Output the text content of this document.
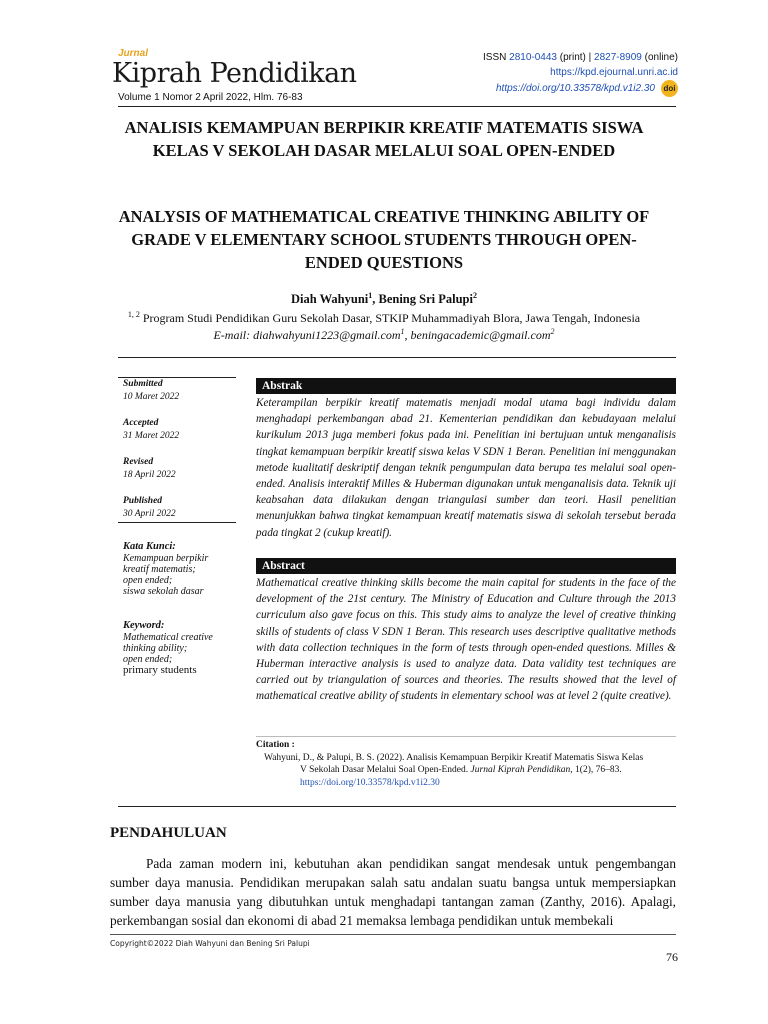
Jurnal
Kiprah Pendidikan
Volume 1 Nomor 2 April 2022, Hlm. 76-83
ISSN 2810-0443 (print) | 2827-8909 (online)
https://kpd.ejournal.unri.ac.id
https://doi.org/10.33578/kpd.v1i2.30	doi
ANALISIS KEMAMPUAN BERPIKIR KREATIF MATEMATIS SISWA KELAS V SEKOLAH DASAR MELALUI SOAL OPEN-ENDED
ANALYSIS OF MATHEMATICAL CREATIVE THINKING ABILITY OF GRADE V ELEMENTARY SCHOOL STUDENTS THROUGH OPEN-ENDED QUESTIONS
Diah Wahyuni$^1$, Bening Sri Palupi$^2$
$^{1, 2}$ Program Studi Pendidikan Guru Sekolah Dasar, STKIP Muhammadiyah Blora, Jawa Tengah, Indonesia
E-mail: diahwahyuni1223@gmail.com$^1$, beningacademic@gmail.com$^2$
Submitted
10 Maret 2022
Accepted
31 Maret 2022
Revised
18 April 2022
Published
30 April 2022
Kata Kunci:
Kemampuan berpikir
kreatif matematis;
open ended;
siswa sekolah dasar
Keyword:
Mathematical creative
thinking ability;
open ended;
primary students
Abstrak
Keterampilan berpikir kreatif matematis menjadi modal utama bagi individu dalam menghadapi perkembangan abad 21. Kementerian pendidikan dan kebudayaan melalui kurikulum 2013 juga memberi fokus pada ini. Penelitian ini bertujuan untuk menganalisis tingkat kemampuan berpikir kreatif siswa kelas V SDN 1 Beran. Penelitian ini menggunakan metode kualitatif deskriptif dengan teknik pengumpulan data berupa tes melalui soal open-ended. Analisis interaktif Milles & Huberman digunakan untuk menganalisis data. Teknik uji keabsahan data dilakukan dengan triangulasi sumber dan teori. Hasil penelitian menunjukkan bahwa tingkat kemampuan kreatif matematis siswa di sekolah tersebut berada pada tingkat 2 (cukup kreatif).
Abstract
Mathematical creative thinking skills become the main capital for students in the face of the development of the 21st century. The Ministry of Education and Culture through the 2013 curriculum also gave focus on this. This study aims to analyze the level of creative thinking skills of students of class V SDN 1 Beran. This research uses descriptive qualitative methods with data collection techniques in the form of tests through open-ended questions. Milles & Huberman interactive analysis is used to analyze data. Data validity test techniques are carried out by triangulation of sources and theories. The results showed that the level of mathematical creative ability of students in elementary school was at level 2 (quite creative).
Citation :
Wahyuni, D., & Palupi, B. S. (2022). Analisis Kemampuan Berpikir Kreatif Matematis Siswa Kelas
V Sekolah Dasar Melalui Soal Open-Ended. Jurnal Kiprah Pendidikan, 1(2), 76–83.
https://doi.org/10.33578/kpd.v1i2.30
PENDAHULUAN
Pada zaman modern ini, kebutuhan akan pendidikan sangat mendesak untuk pengembangan sumber daya manusia. Pendidikan merupakan salah satu andalan suatu bangsa untuk mempersiapkan sumber daya manusia yang dibutuhkan untuk menghadapi tantangan zaman (Zanthy, 2016). Apalagi, perkembangan sosial dan ekonomi di abad 21 memaksa lembaga pendidikan untuk membekali
Copyright©2022 Diah Wahyuni dan Bening Sri Palupi
76
